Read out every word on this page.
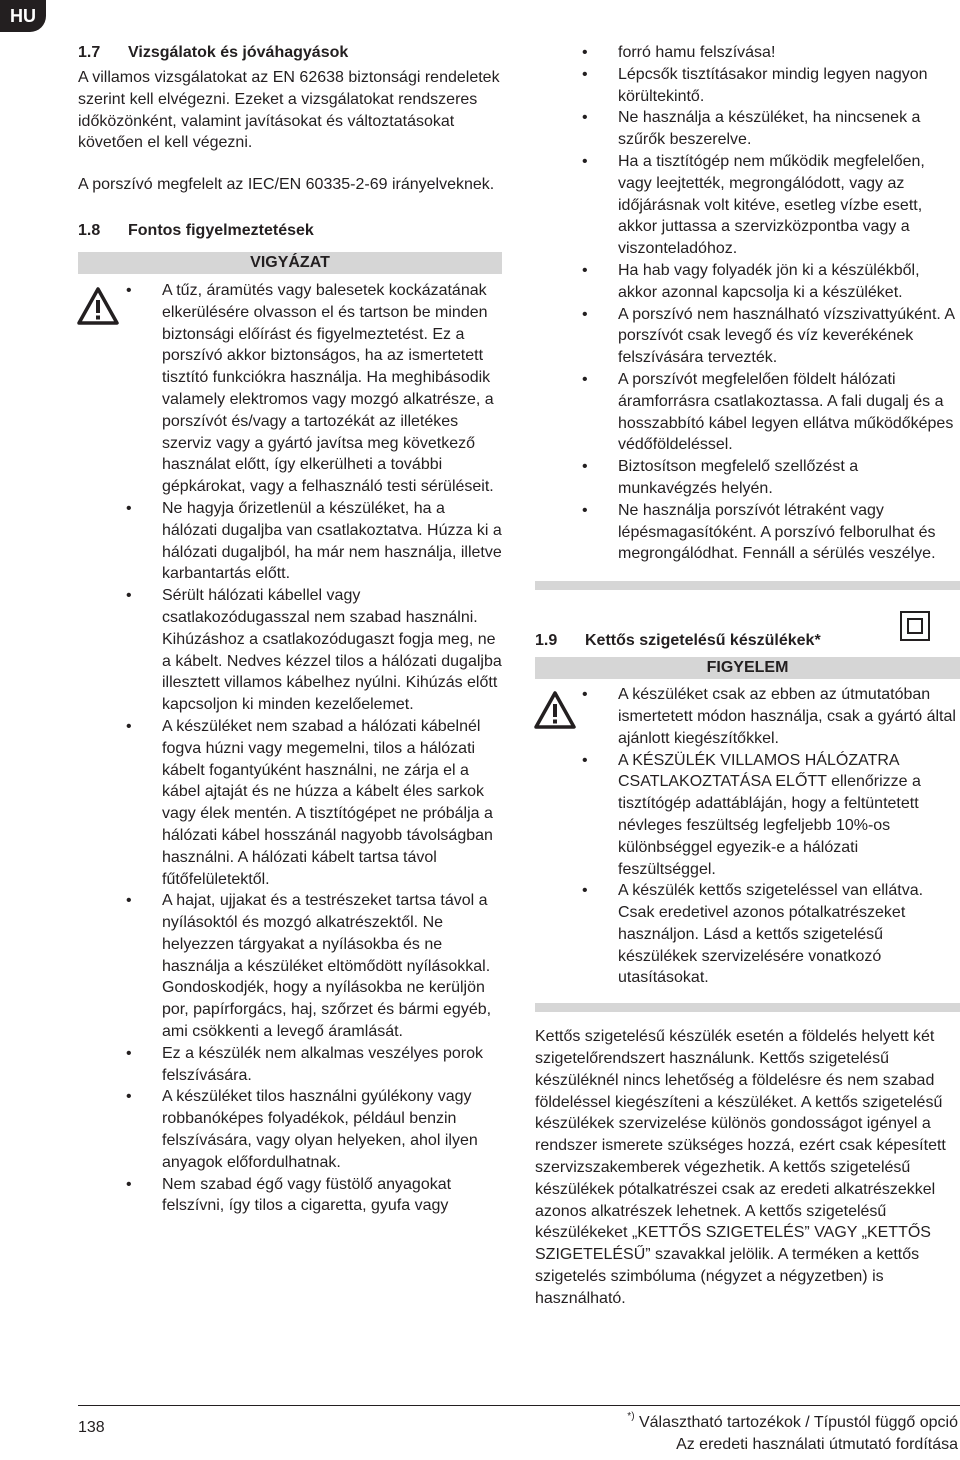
HU
1.7	Vizsgálatok és jóváhagyások

A villamos vizsgálatokat az EN 62638 biztonsági rendeletek szerint kell elvégezni. Ezeket a vizsgálatokat rendszeres időközönként, valamint javításokat és változtatásokat követően el kell végezni.

A porszívó megfelelt az IEC/EN 60335-2-69 irányelveknek.

1.8	Fontos figyelmeztetések
VIGYÁZAT
• A tűz, áramütés vagy balesetek kockázatának elkerülésére olvasson el és tartson be minden biztonsági előírást és figyelmeztetést. Ez a porszívó akkor biztonságos, ha az ismertetett tisztító funkciókra használja. Ha meghibásodik valamely elektromos vagy mozgó alkatrésze, a porszívót és/vagy a tartozékát az illetékes szerviz vagy a gyártó javítsa meg következő használat előtt, így elkerülheti a további gépkárokat, vagy a felhasználó testi sérüléseit.
• Ne hagyja őrizetlenül a készüléket, ha a hálózati dugaljba van csatlakoztatva. Húzza ki a hálózati dugaljból, ha már nem használja, illetve karbantartás előtt.
• Sérült hálózati kábellel vagy csatlakozódugasszal nem szabad használni. Kihúzáshoz a csatlakozódugaszt fogja meg, ne a kábelt. Nedves kézzel tilos a hálózati dugaljba illesztett villamos kábelhez nyúlni. Kihúzás előtt kapcsoljon ki minden kezelőelemet.
• A készüléket nem szabad a hálózati kábelnél fogva húzni vagy megemelni, tilos a hálózati kábelt fogantyúként használni, ne zárja el a kábel ajtaját és ne húzza a kábelt éles sarkok vagy élek mentén. A tisztítógépet ne próbálja a hálózati kábel hosszánál nagyobb távolságban használni. A hálózati kábelt tartsa távol fűtőfelületektől.
• A hajat, ujjakat és a testrészeket tartsa távol a nyílásoktól és mozgó alkatrészektől. Ne helyezzen tárgyakat a nyílásokba és ne használja a készüléket eltömődött nyílásokkal. Gondoskodjék, hogy a nyílásokba ne kerüljön por, papírforgács, haj, szőrzet és bármi egyéb, ami csökkenti a levegő áramlását.
• Ez a készülék nem alkalmas veszélyes porok felszívására.
• A készüléket tilos használni gyúlékony vagy robbanóképes folyadékok, például benzin felszívására, vagy olyan helyeken, ahol ilyen anyagok előfordulhatnak.
• Nem szabad égő vagy füstölő anyagokat felszívni, így tilos a cigaretta, gyufa vagy
• forró hamu felszívása!
• Lépcsők tisztításakor mindig legyen nagyon körültekintő.
• Ne használja a készüléket, ha nincsenek a szűrők beszerelve.
• Ha a tisztítógép nem működik megfelelően, vagy leejtették, megrongálódott, vagy az időjárásnak volt kitéve, esetleg vízbe esett, akkor juttassa a szervizközpontba vagy a viszonteladóhoz.
• Ha hab vagy folyadék jön ki a készülékből, akkor azonnal kapcsolja ki a készüléket.
• A porszívó nem használható vízszivattyúként. A porszívót csak levegő és víz keverékének felszívására tervezték.
• A porszívót megfelelően földelt hálózati áramforrásra csatlakoztassa. A fali dugalj és a hosszabbító kábel legyen ellátva működőképes védőföldeléssel.
• Biztosítson megfelelő szellőzést a munkavégzés helyén.
• Ne használja porszívót létraként vagy lépésmagasítóként. A porszívó felborulhat és megrongálódhat. Fennáll a sérülés veszélye.
1.9	Kettős szigetelésű készülékek*
FIGYELEM
• A készüléket csak az ebben az útmutatóban ismertetett módon használja, csak a gyártó által ajánlott kiegészítőkkel.
• A KÉSZÜLÉK VILLAMOS HÁLÓZATRA CSATLAKOZTATÁSA ELŐTT ellenőrizze a tisztítógép adattábláján, hogy a feltüntetett névleges feszültség legfeljebb 10%-os különbséggel egyezik-e a hálózati feszültséggel.
• A készülék kettős szigeteléssel van ellátva. Csak eredetivel azonos pótalkatrészeket használjon. Lásd a kettős szigetelésű készülékek szervizelésére vonatkozó utasításokat.

Kettős szigetelésű készülék esetén a földelés helyett két szigetelőrendszert használunk. Kettős szigetelésű készüléknél nincs lehetőség a földelésre és nem szabad földeléssel kiegészíteni a készüléket. A kettős szigetelésű készülékek szervizelése különös gondosságot igényel a rendszer ismerete szükséges hozzá, ezért csak képesített szervizszakemberek végezhetik. A kettős szigetelésű készülékek pótalkatrészei csak az eredeti alkatrészekkel azonos alkatrészek lehetnek. A kettős szigetelésű készülékeket „KETTŐS SZIGETELÉS” VAGY „KETTŐS SZIGETELÉSŰ” szavakkal jelölik. A terméken a kettős szigetelés szimbóluma (négyzet a négyzetben) is használható.

138
*) Választható tartozékok / Típustól függő opció
Az eredeti használati útmutató fordítása
